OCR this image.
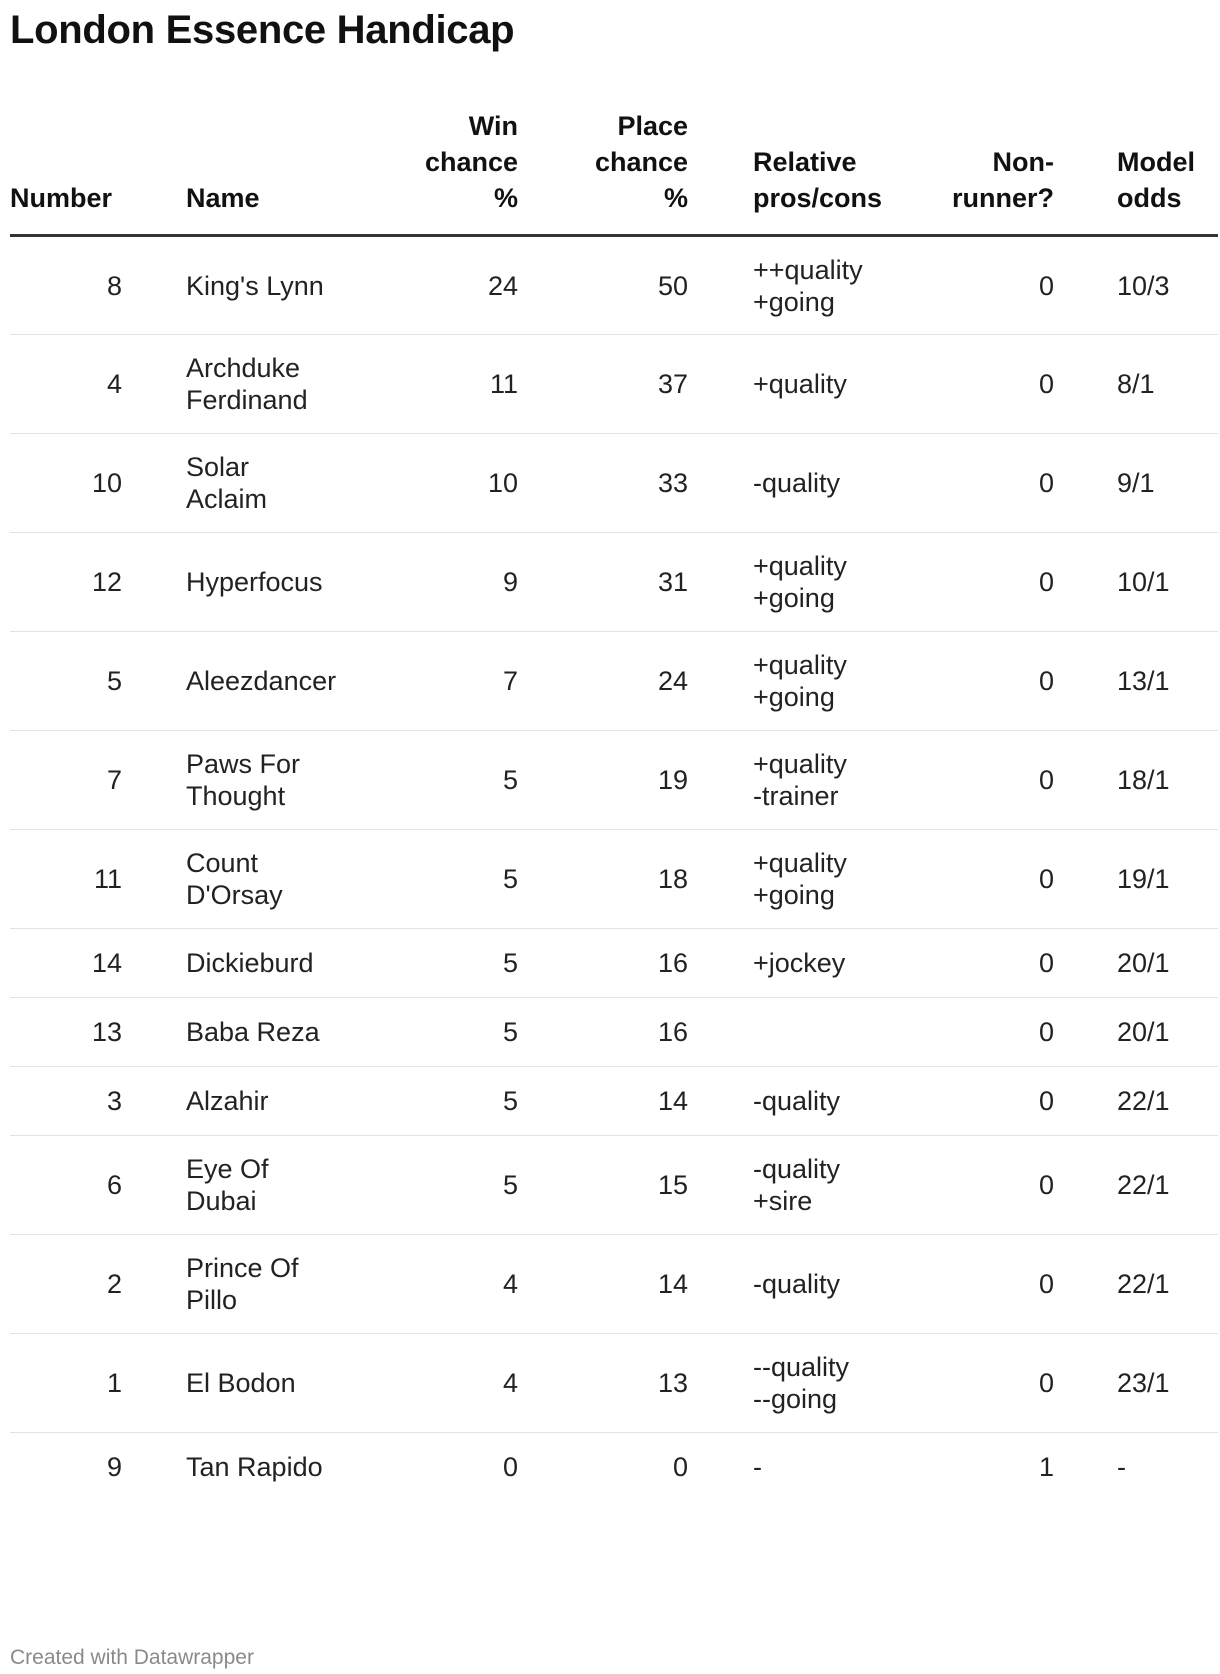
London Essence Handicap
Number		Name	Win
chance
%	Place
chance
%	Relative
pros/cons	Non-
runner?	Model
odds
8		King's Lynn	24	50	++quality
+going	0	10/3
4		Archduke
Ferdinand	11	37	+quality	0	8/1
10		Solar
Aclaim	10	33	-quality	0	9/1
12		Hyperfocus	9	31	+quality
+going	0	10/1
5		Aleezdancer	7	24	+quality
+going	0	13/1
7		Paws For
Thought	5	19	+quality
-trainer	0	18/1
11		Count
D'Orsay	5	18	+quality
+going	0	19/1
14		Dickieburd	5	16	+jockey	0	20/1
13		Baba Reza	5	16		0	20/1
3		Alzahir	5	14	-quality	0	22/1
6		Eye Of
Dubai	5	15	-quality
+sire	0	22/1
2		Prince Of
Pillo	4	14	-quality	0	22/1
1		El Bodon	4	13	--quality
--going	0	23/1
9		Tan Rapido	0	0	-	1	-
Created with Datawrapper
